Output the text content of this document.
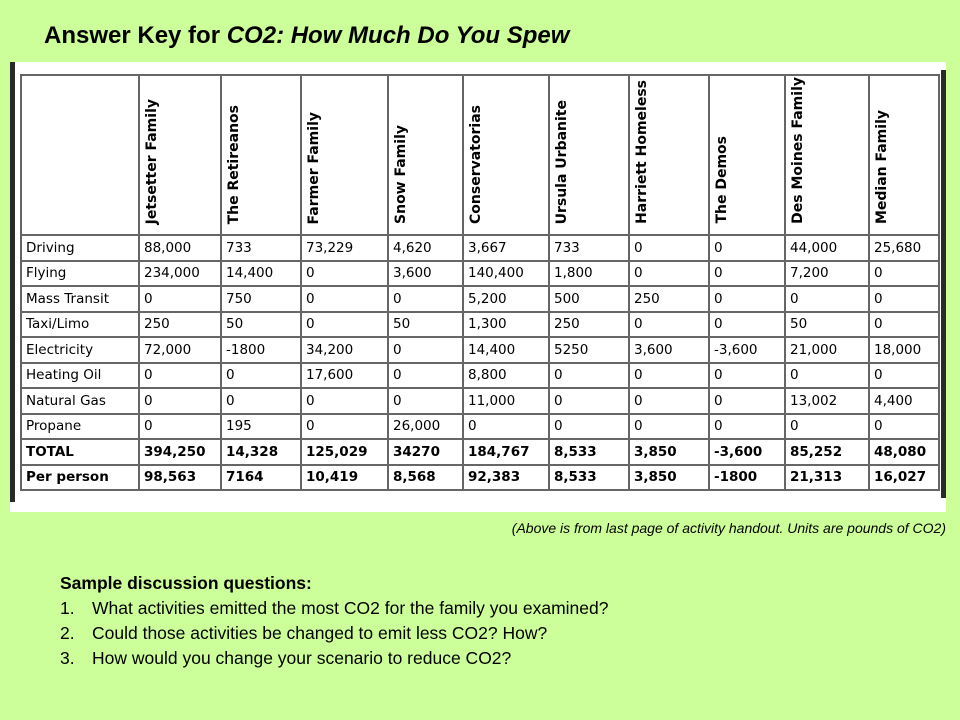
Answer Key for CO2: How Much Do You Spew
	Jetsetter Family	The Retireanos	Farmer Family	Snow Family	Conservatorias	Ursula Urbanite	Harriett Homeless	The Demos	Des Moines Family	Median Family
Driving	88,000	733	73,229	4,620	3,667	733	0	0	44,000	25,680
Flying	234,000	14,400	0	3,600	140,400	1,800	0	0	7,200	0
Mass Transit	0	750	0	0	5,200	500	250	0	0	0
Taxi/Limo	250	50	0	50	1,300	250	0	0	50	0
Electricity	72,000	-1800	34,200	0	14,400	5250	3,600	-3,600	21,000	18,000
Heating Oil	0	0	17,600	0	8,800	0	0	0	0	0
Natural Gas	0	0	0	0	11,000	0	0	0	13,002	4,400
Propane	0	195	0	26,000	0	0	0	0	0	0
TOTAL	394,250	14,328	125,029	34270	184,767	8,533	3,850	-3,600	85,252	48,080
Per person	98,563	7164	10,419	8,568	92,383	8,533	3,850	-1800	21,313	16,027
(Above is from last page of activity handout. Units are pounds of CO2)
Sample discussion questions:
1. What activities emitted the most CO2 for the family you examined?
2. Could those activities be changed to emit less CO2? How?
3. How would you change your scenario to reduce CO2?
